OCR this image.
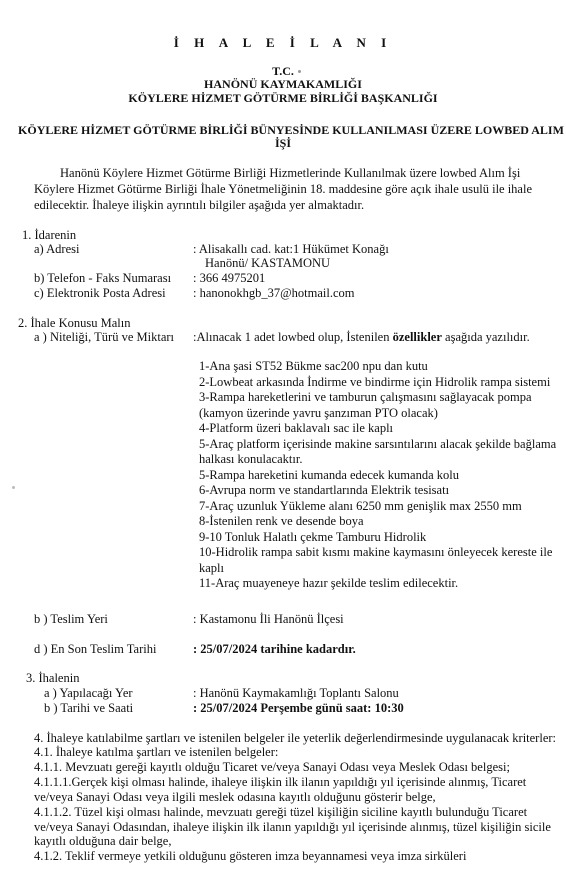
İ H A L E İ L A N I
T.C.
HANÖNÜ KAYMAKAMLIĞI
KÖYLERE HİZMET GÖTÜRME BİRLİĞİ BAŞKANLIĞI
KÖYLERE HİZMET GÖTÜRME BİRLİĞİ BÜNYESİNDE KULLANILMASI ÜZERE LOWBED ALIM
İŞİ
Hanönü Köylere Hizmet Götürme Birliği Hizmetlerinde Kullanılmak üzere lowbed Alım İşi
Köylere Hizmet Götürme Birliği İhale Yönetmeliğinin 18. maddesine göre açık ihale usulü ile ihale
edilecektir. İhaleye ilişkin ayrıntılı bilgiler aşağıda yer almaktadır.
1. İdarenin
a) Adresi	: Alisakallı cad. kat:1 Hükümet Konağı
Hanönü/ KASTAMONU
b) Telefon - Faks Numarası : 366 4975201
c) Elektronik Posta Adresi : hanonokhgb_37@hotmail.com
2. İhale Konusu Malın
a ) Niteliği, Türü ve Miktarı :Alınacak 1 adet lowbed olup, İstenilen özellikler aşağıda yazılıdır.
1-Ana şasi ST52 Bükme sac200 npu dan kutu
2-Lowbeat arkasında İndirme ve bindirme için Hidrolik rampa sistemi
3-Rampa hareketlerini ve tamburun çalışmasını sağlayacak pompa
(kamyon üzerinde yavru şanzıman PTO olacak)
4-Platform üzeri baklavalı sac ile kaplı
5-Araç platform içerisinde makine sarsıntılarını alacak şekilde bağlama
halkası konulacaktır.
5-Rampa hareketini kumanda edecek kumanda kolu
6-Avrupa norm ve standartlarında Elektrik tesisatı
7-Araç uzunluk Yükleme alanı 6250 mm genişlik max 2550 mm
8-İstenilen renk ve desende boya
9-10 Tonluk Halatlı çekme Tamburu Hidrolik
10-Hidrolik rampa sabit kısmı makine kaymasını önleyecek kereste ile
kaplı
11-Araç muayeneye hazır şekilde teslim edilecektir.
b ) Teslim Yeri	: Kastamonu İli Hanönü İlçesi
d ) En Son Teslim Tarihi	: 25/07/2024 tarihine kadardır.
3. İhalenin
a ) Yapılacağı Yer	: Hanönü Kaymakamlığı Toplantı Salonu
b ) Tarihi ve Saati	: 25/07/2024 Perşembe günü saat: 10:30
4. İhaleye katılabilme şartları ve istenilen belgeler ile yeterlik değerlendirmesinde uygulanacak kriterler:
4.1. İhaleye katılma şartları ve istenilen belgeler:
4.1.1. Mevzuatı gereği kayıtlı olduğu Ticaret ve/veya Sanayi Odası veya Meslek Odası belgesi;
4.1.1.1.Gerçek kişi olması halinde, ihaleye ilişkin ilk ilanın yapıldığı yıl içerisinde alınmış, Ticaret
ve/veya Sanayi Odası veya ilgili meslek odasına kayıtlı olduğunu gösterir belge,
4.1.1.2. Tüzel kişi olması halinde, mevzuatı gereği tüzel kişiliğin siciline kayıtlı bulunduğu Ticaret
ve/veya Sanayi Odasından, ihaleye ilişkin ilk ilanın yapıldığı yıl içerisinde alınmış, tüzel kişiliğin sicile
kayıtlı olduğuna dair belge,
4.1.2. Teklif vermeye yetkili olduğunu gösteren imza beyannamesi veya imza sirküleri
